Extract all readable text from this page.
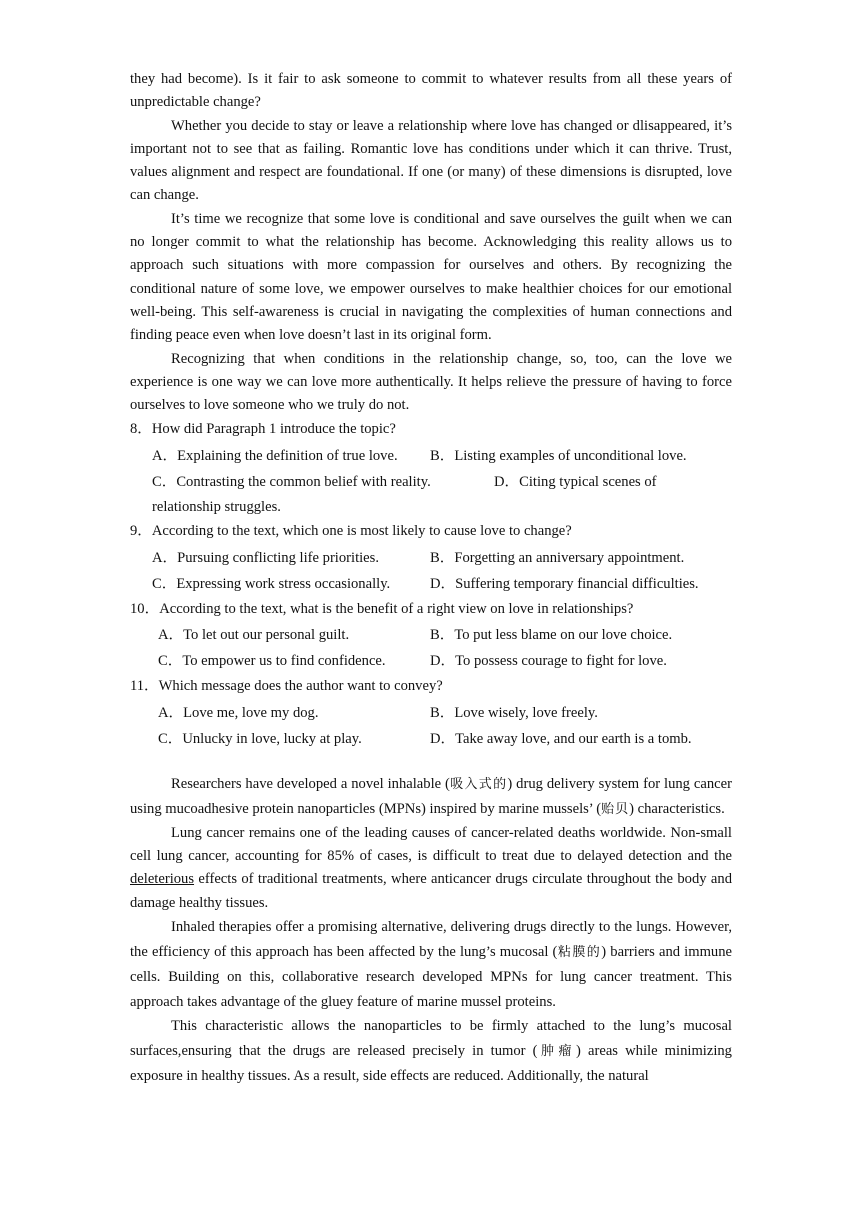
they had become). Is it fair to ask someone to commit to whatever results from all these years of unpredictable change?

Whether you decide to stay or leave a relationship where love has changed or dlisappeared, it’s important not to see that as failing. Romantic love has conditions under which it can thrive. Trust, values alignment and respect are foundational. If one (or many) of these dimensions is disrupted, love can change.

It’s time we recognize that some love is conditional and save ourselves the guilt when we can no longer commit to what the relationship has become. Acknowledging this reality allows us to approach such situations with more compassion for ourselves and others. By recognizing the conditional nature of some love, we empower ourselves to make healthier choices for our emotional well-being. This self-awareness is crucial in navigating the complexities of human connections and finding peace even when love doesn’t last in its original form.

Recognizing that when conditions in the relationship change, so, too, can the love we experience is one way we can love more authentically. It helps relieve the pressure of having to force ourselves to love someone who we truly do not.

8．How did Paragraph 1 introduce the topic?
A．Explaining the definition of true love. B．Listing examples of unconditional love.
C．Contrasting the common belief with reality.	D．Citing typical scenes of
relationship struggles.
9．According to the text, which one is most likely to cause love to change?
A．Pursuing conflicting life priorities.	B．Forgetting an anniversary appointment.
C．Expressing work stress occasionally.	D．Suffering temporary financial difficulties.
10．According to the text, what is the benefit of a right view on love in relationships?
A．To let out our personal guilt.	B．To put less blame on our love choice.
C．To empower us to find confidence.	D．To possess courage to fight for love.
11．Which message does the author want to convey?
A．Love me, love my dog.	B．Love wisely, love freely.
C．Unlucky in love, lucky at play.	D．Take away love, and our earth is a tomb.

Researchers have developed a novel inhalable (吸入式的) drug delivery system for lung cancer using mucoadhesive protein nanoparticles (MPNs) inspired by marine mussels’ (贻贝) characteristics.

Lung cancer remains one of the leading causes of cancer-related deaths worldwide. Non-small cell lung cancer, accounting for 85% of cases, is difficult to treat due to delayed detection and the deleterious effects of traditional treatments, where anticancer drugs circulate throughout the body and damage healthy tissues.

Inhaled therapies offer a promising alternative, delivering drugs directly to the lungs. However, the efficiency of this approach has been affected by the lung’s mucosal (粘膜的) barriers and immune cells. Building on this, collaborative research developed MPNs for lung cancer treatment. This approach takes advantage of the gluey feature of marine mussel proteins.

This characteristic allows the nanoparticles to be firmly attached to the lung’s mucosal surfaces,ensuring that the drugs are released precisely in tumor (肿瘤) areas while minimizing exposure in healthy tissues. As a result, side effects are reduced. Additionally, the natural
